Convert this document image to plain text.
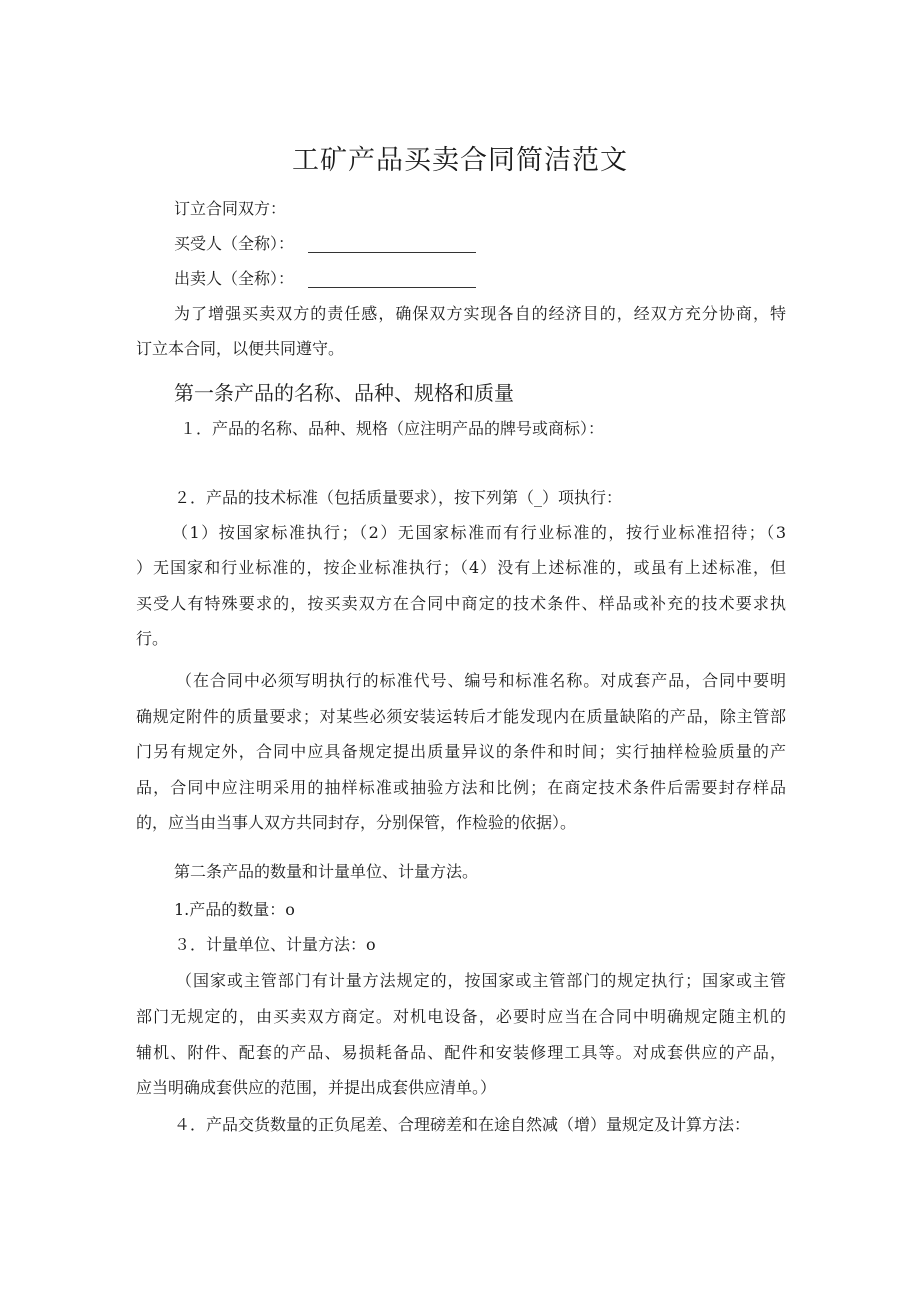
工矿产品买卖合同简洁范文
订立合同双方：
买受人（全称）：
出卖人（全称）：
为了增强买卖双方的责任感，确保双方实现各自的经济目的，经双方充分协商，特
订立本合同，以便共同遵守。
第一条产品的名称、品种、规格和质量
１．产品的名称、品种、规格（应注明产品的牌号或商标）：
２．产品的技术标准（包括质量要求），按下列第（_）项执行：
（1）按国家标准执行；（2）无国家标准而有行业标准的，按行业标准招待；（3
）无国家和行业标准的，按企业标准执行；（4）没有上述标准的，或虽有上述标准，但
买受人有特殊要求的，按买卖双方在合同中商定的技术条件、样品或补充的技术要求执
行。
（在合同中必须写明执行的标准代号、编号和标准名称。对成套产品，合同中要明
确规定附件的质量要求；对某些必须安装运转后才能发现内在质量缺陷的产品，除主管部
门另有规定外，合同中应具备规定提出质量异议的条件和时间；实行抽样检验质量的产
品，合同中应注明采用的抽样标准或抽验方法和比例；在商定技术条件后需要封存样品
的，应当由当事人双方共同封存，分别保管，作检验的依据）。
第二条产品的数量和计量单位、计量方法。
1.产品的数量：o
３．计量单位、计量方法：o
（国家或主管部门有计量方法规定的，按国家或主管部门的规定执行；国家或主管
部门无规定的，由买卖双方商定。对机电设备，必要时应当在合同中明确规定随主机的
辅机、附件、配套的产品、易损耗备品、配件和安装修理工具等。对成套供应的产品，
应当明确成套供应的范围，并提出成套供应清单。）
４．产品交货数量的正负尾差、合理磅差和在途自然减（增）量规定及计算方法：
